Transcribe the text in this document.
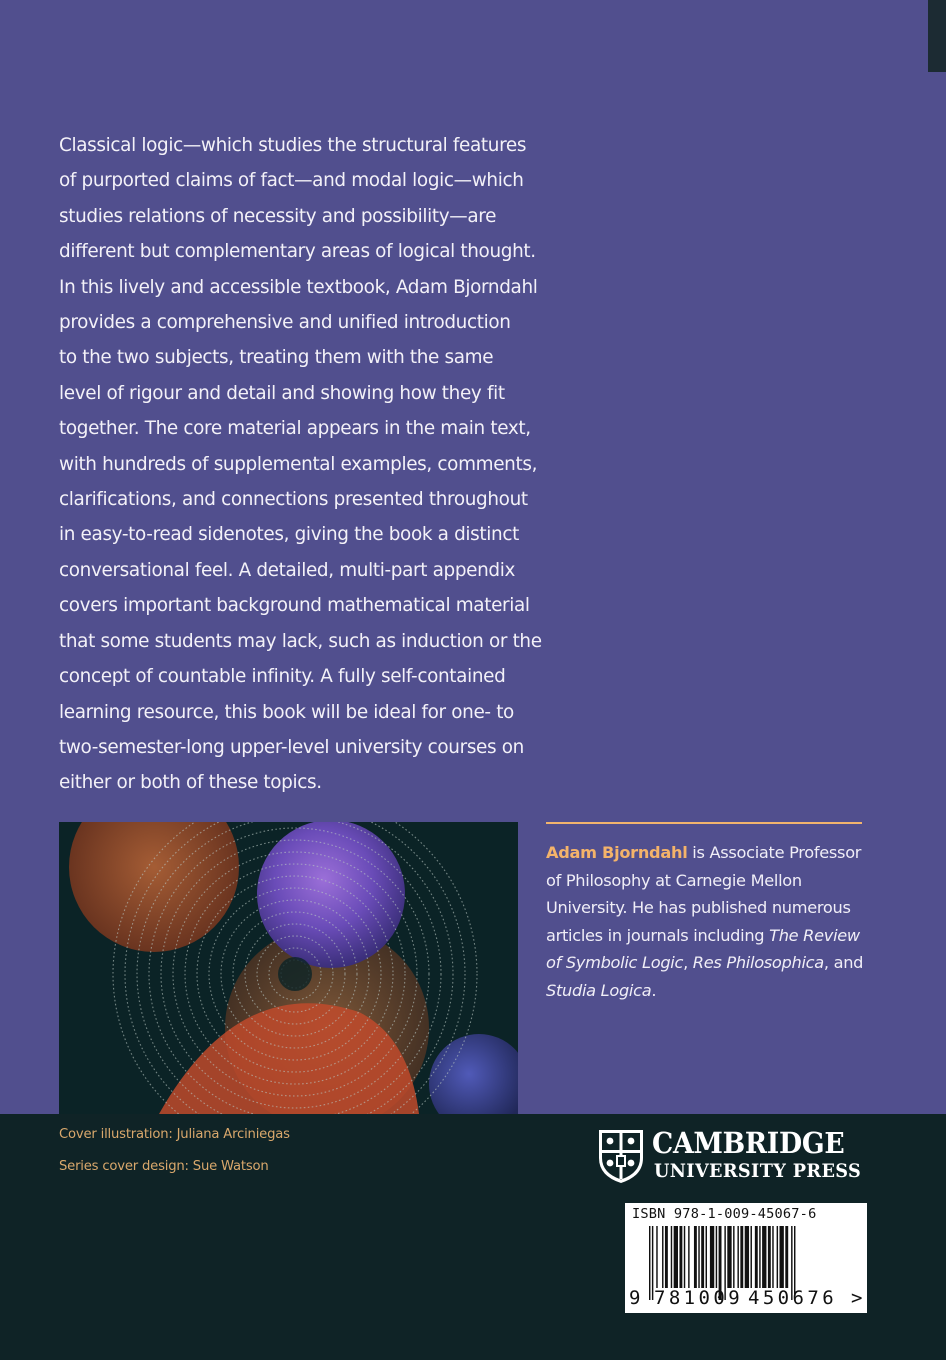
Classical logic—which studies the structural features
of purported claims of fact—and modal logic—which
studies relations of necessity and possibility—are
different but complementary areas of logical thought.
In this lively and accessible textbook, Adam Bjorndahl
provides a comprehensive and unified introduction
to the two subjects, treating them with the same
level of rigour and detail and showing how they fit
together. The core material appears in the main text,
with hundreds of supplemental examples, comments,
clarifications, and connections presented throughout
in easy-to-read sidenotes, giving the book a distinct
conversational feel. A detailed, multi-part appendix
covers important background mathematical material
that some students may lack, such as induction or the
concept of countable infinity. A fully self-contained
learning resource, this book will be ideal for one- to
two-semester-long upper-level university courses on
either or both of these topics.

Adam Bjorndahl is Associate Professor of Philosophy at Carnegie Mellon University. He has published numerous articles in journals including The Review of Symbolic Logic, Res Philosophica, and Studia Logica.

Cover illustration: Juliana Arciniegas

Series cover design: Sue Watson

CAMBRIDGE
UNIVERSITY PRESS
ISBN 978-1-009-45067-6
9 781009 450676 >
